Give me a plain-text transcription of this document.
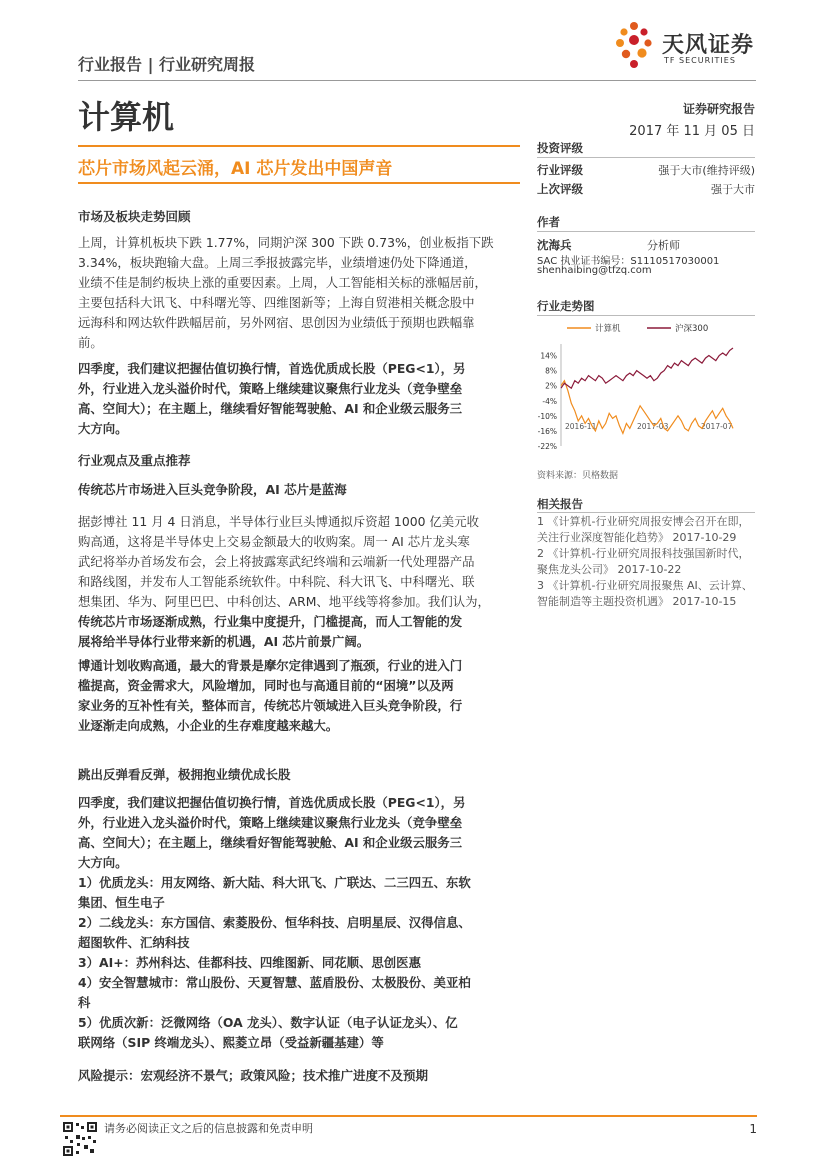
天风证券
TF SECURITIES
行业报告 | 行业研究周报
计算机	证券研究报告
2017 年 11 月 05 日
芯片市场风起云涌，AI 芯片发出中国声音
市场及板块走势回顾
上周，计算机板块下跌 1.77%，同期沪深 300 下跌 0.73%，创业板指下跌
3.34%，板块跑输大盘。上周三季报披露完毕，业绩增速仍处下降通道，
业绩不佳是制约板块上涨的重要因素。上周，人工智能相关标的涨幅居前，
主要包括科大讯飞、中科曙光等、四维图新等；上海自贸港相关概念股中
远海科和网达软件跌幅居前，另外网宿、思创因为业绩低于预期也跌幅靠
前。
四季度，我们建议把握估值切换行情，首选优质成长股（PEG<1），另
外，行业进入龙头溢价时代，策略上继续建议聚焦行业龙头（竞争壁垒
高、空间大）；在主题上，继续看好智能驾驶舱、AI 和企业级云服务三
大方向。
行业观点及重点推荐
传统芯片市场进入巨头竞争阶段，AI 芯片是蓝海
据彭博社 11 月 4 日消息，半导体行业巨头博通拟斥资超 1000 亿美元收
购高通，这将是半导体史上交易金额最大的收购案。周一 AI 芯片龙头寒
武纪将举办首场发布会，会上将披露寒武纪终端和云端新一代处理器产品
和路线图，并发布人工智能系统软件。中科院、科大讯飞、中科曙光、联
想集团、华为、阿里巴巴、中科创达、ARM、地平线等将参加。我们认为，
传统芯片市场逐渐成熟，行业集中度提升，门槛提高，而人工智能的发
展将给半导体行业带来新的机遇，AI 芯片前景广阔。
博通计划收购高通，最大的背景是摩尔定律遇到了瓶颈，行业的进入门
槛提高，资金需求大，风险增加，同时也与高通目前的“困境”以及两
家业务的互补性有关，整体而言，传统芯片领域进入巨头竞争阶段，行
业逐渐走向成熟，小企业的生存难度越来越大。
跳出反弹看反弹，极拥抱业绩优成长股
四季度，我们建议把握估值切换行情，首选优质成长股（PEG<1），另
外，行业进入龙头溢价时代，策略上继续建议聚焦行业龙头（竞争壁垒
高、空间大）；在主题上，继续看好智能驾驶舱、AI 和企业级云服务三
大方向。
1）优质龙头：用友网络、新大陆、科大讯飞、广联达、二三四五、东软
集团、恒生电子
2）二线龙头：东方国信、索菱股份、恒华科技、启明星辰、汉得信息、
超图软件、汇纳科技
3）AI+：苏州科达、佳都科技、四维图新、同花顺、思创医惠
4）安全智慧城市：常山股份、天夏智慧、蓝盾股份、太极股份、美亚柏
科
5）优质次新：泛微网络（OA 龙头）、数字认证（电子认证龙头）、亿
联网络（SIP 终端龙头）、熙菱立昂（受益新疆基建）等
风险提示：宏观经济不景气；政策风险；技术推广进度不及预期
投资评级
行业评级	强于大市(维持评级)
上次评级	强于大市
作者
沈海兵	分析师
SAC 执业证书编号：S1110517030001
shenhaibing@tfzq.com
行业走势图
计算机	沪深300
14%
8%
2%
-4%
-10%
-16%
-22%
2016-11	2017-03	2017-07
资料来源：贝格数据
相关报告
1 《计算机-行业研究周报安博会召开在即，关注行业深度智能化趋势》 2017-10-29
2 《计算机-行业研究周报科技强国新时代，聚焦龙头公司》 2017-10-22
3 《计算机-行业研究周报聚焦 AI、云计算、智能制造等主题投资机遇》 2017-10-15
请务必阅读正文之后的信息披露和免责申明	1
